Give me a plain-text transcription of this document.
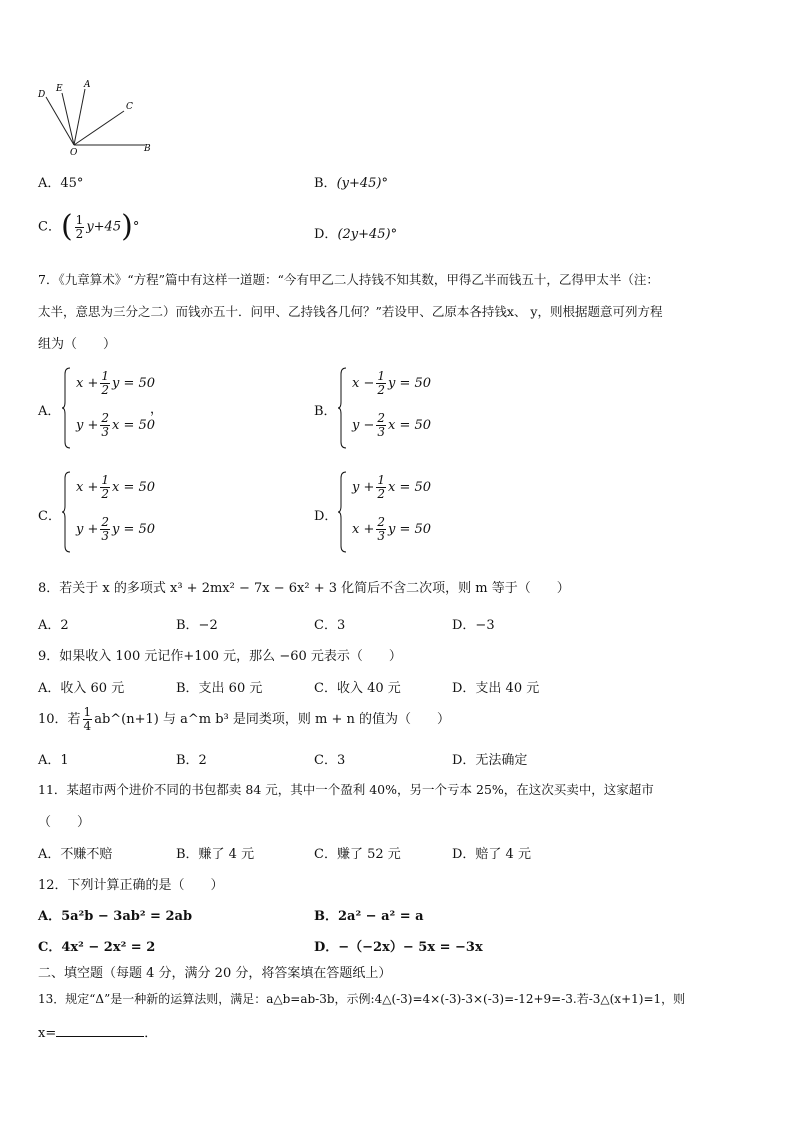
D
E A
C
O	B
A．45°	B．(y+45)°
C．( $\frac{1}{2} y+45)^\circ$	D．(2y+45)°
7．《九章算术》“方程”篇中有这样一道题：“今有甲乙二人持钱不知其数，甲得乙半而钱五十，乙得甲太半（注：
太半，意思为三分之二）而钱亦五十．问甲、乙持钱各几何？”若设甲、乙原本各持钱x、 y，则根据题意可列方程
组为（　　）
A．
$x + \frac{1}{2}$ y = 50
$y + \frac{2}{3}$ x = 50
，	B．
$x - \frac{1}{2}$ y = 50
$y - \frac{2}{3}$ x = 50
C．
$x + \frac{1}{2}$ x = 50
$y + \frac{2}{3}$ y = 50
D．
$y + \frac{1}{2}$ x = 50
$x + \frac{2}{3}$ y = 50
8．若关于 x 的多项式 x³ + 2mx² − 7x − 6x² + 3 化简后不含二次项，则 m 等于（　　）
A．2	B．−2	C．3	D．−3
9．如果收入 100 元记作+100 元，那么 −60 元表示（　　）
A．收入 60 元	B．支出 60 元	C．收入 40 元	D．支出 40 元
10．若 $\frac{1}{4}$ ab^(n+1) 与 a^m b³ 是同类项，则 m + n 的值为（　　）
A．1	B．2	C．3	D．无法确定
11．某超市两个进价不同的书包都卖 84 元，其中一个盈利 40%，另一个亏本 25%，在这次买卖中，这家超市
（　　）
A．不赚不赔	B．赚了 4 元	C．赚了 52 元	D．赔了 4 元
12．下列计算正确的是（　　）
A．5a²b − 3ab² = 2ab	B．2a² − a² = a
C．4x² − 2x² = 2	D．−（−2x）− 5x = −3x
二、填空题（每题 4 分，满分 20 分，将答案填在答题纸上）
13．规定“Δ”是一种新的运算法则，满足：a△b=ab-3b，示例:4△(-3)=4×(-3)-3×(-3)=-12+9=-3.若-3△(x+1)=1，则
x=	．
